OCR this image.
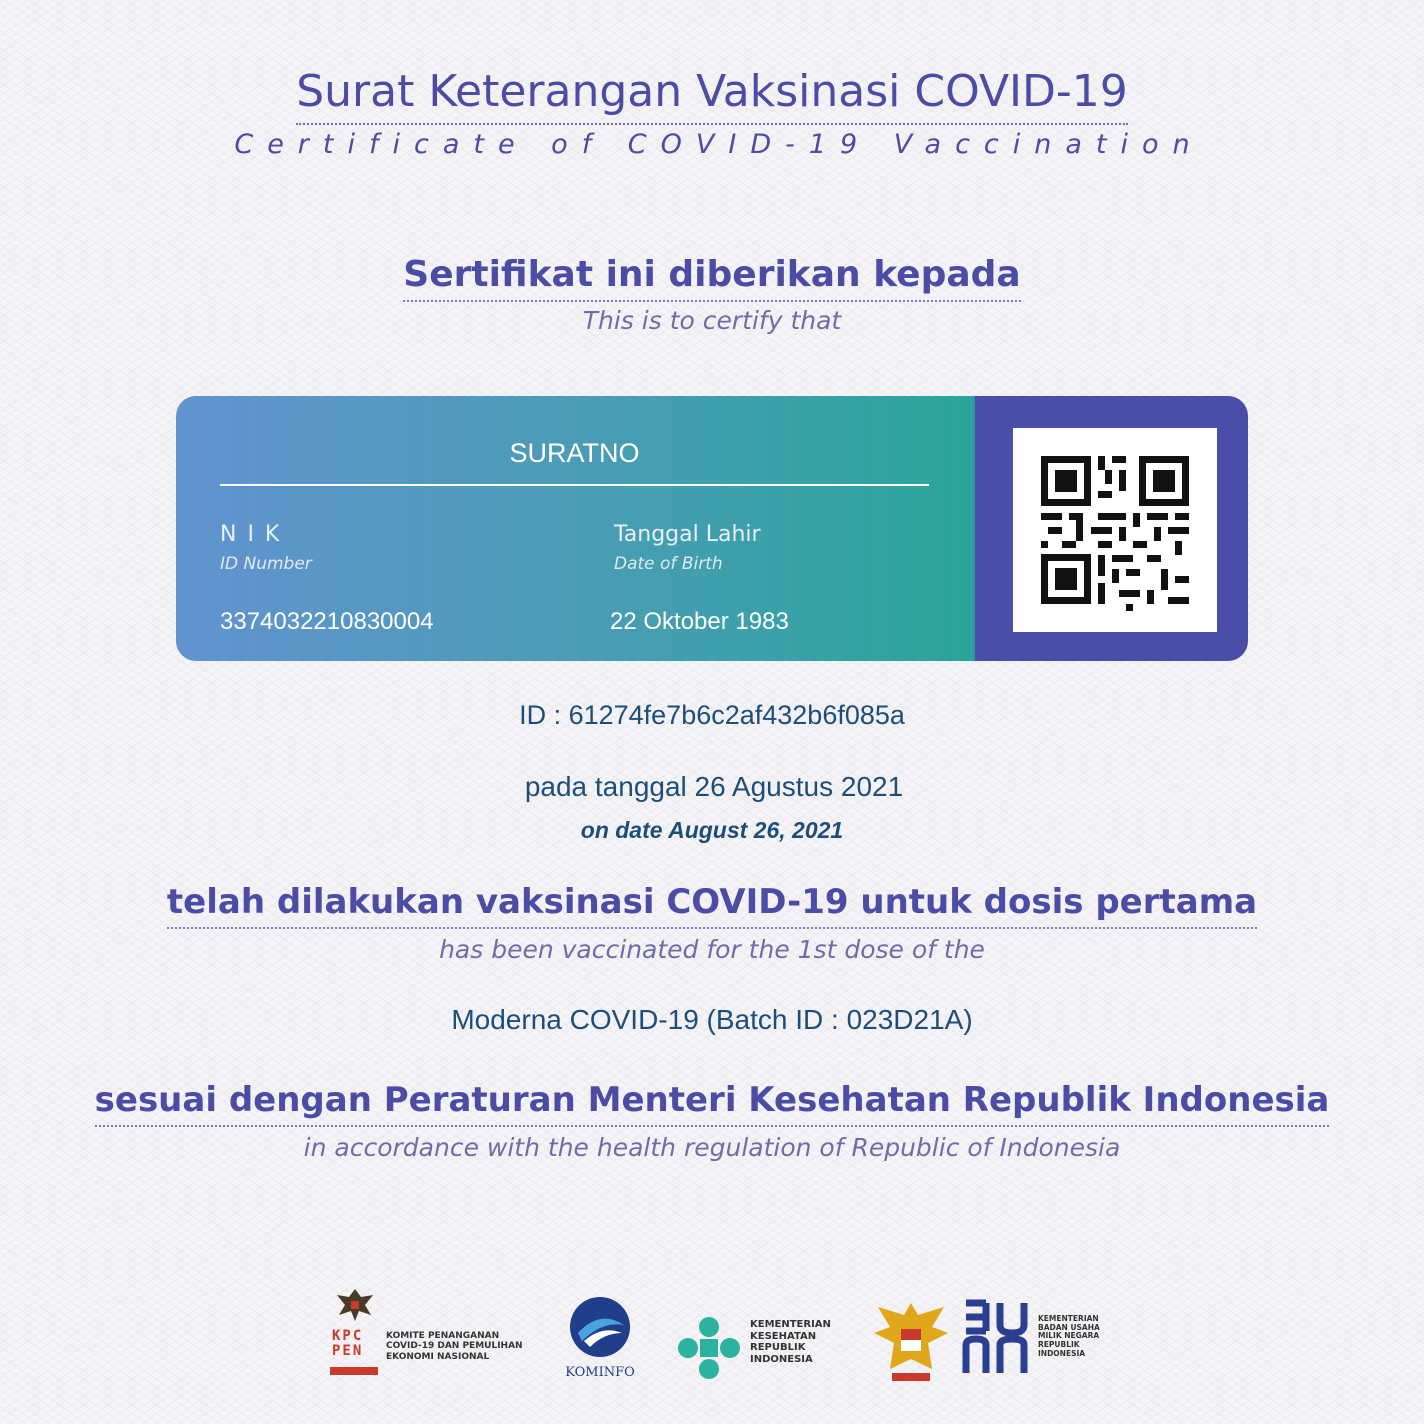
Surat Keterangan Vaksinasi COVID-19
Certificate of COVID-19 Vaccination
Sertifikat ini diberikan kepada
This is to certify that
SURATNO
N I K
ID Number
3374032210830004
Tanggal Lahir
Date of Birth
22 Oktober 1983
ID : 61274fe7b6c2af432b6f085a
pada tanggal 26 Agustus 2021
on date August 26, 2021
telah dilakukan vaksinasi COVID-19 untuk dosis pertama
has been vaccinated for the 1st dose of the
Moderna COVID-19 (Batch ID : 023D21A)
sesuai dengan Peraturan Menteri Kesehatan Republik Indonesia
in accordance with the health regulation of Republic of Indonesia
KPC
PEN
KOMITE PENANGANAN
COVID-19 DAN PEMULIHAN
EKONOMI NASIONAL
KOMINFO
KEMENTERIAN
KESEHATAN
REPUBLIK
INDONESIA
KEMENTERIAN
BADAN USAHA
MILIK NEGARA
REPUBLIK
INDONESIA
